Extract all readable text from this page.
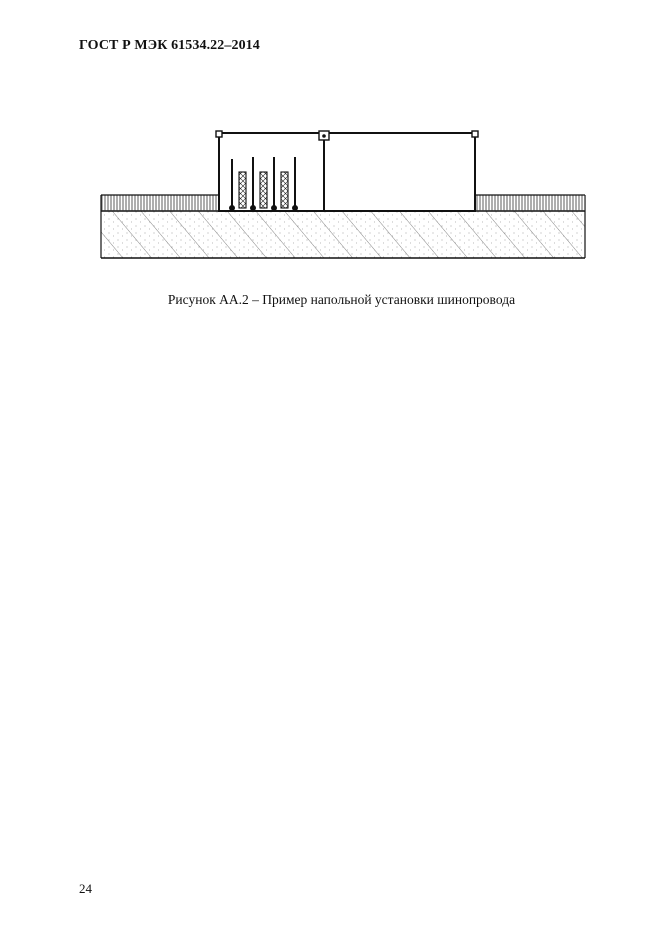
ГОСТ Р МЭК 61534.22–2014
Рисунок АА.2 – Пример напольной установки шинопровода
24
